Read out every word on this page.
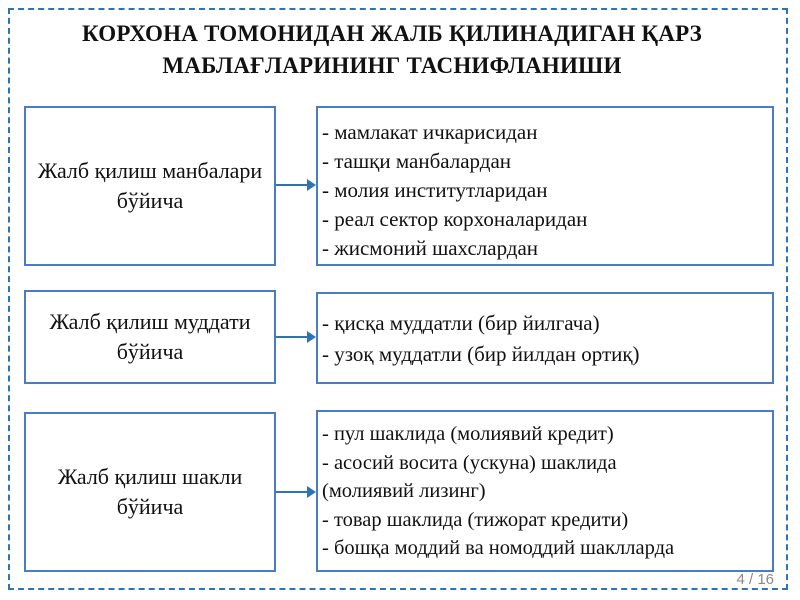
КОРХОНА ТОМОНИДАН ЖАЛБ ҚИЛИНАДИГАН ҚАРЗ
МАБЛАҒЛАРИНИНГ ТАСНИФЛАНИШИ
Жалб қилиш манбалари бўйича
- мамлакат ичкарисидан
- ташқи манбалардан
- молия институтларидан
- реал сектор корхоналаридан
- жисмоний шахслардан
Жалб қилиш муддати бўйича
- қисқа муддатли (бир йилгача)
- узоқ муддатли (бир йилдан ортиқ)
Жалб қилиш шакли бўйича
- пул шаклида (молиявий кредит)
- асосий восита (ускуна) шаклида
(молиявий лизинг)
- товар шаклида (тижорат кредити)
- бошқа моддий ва номоддий шаклларда
4 / 16
